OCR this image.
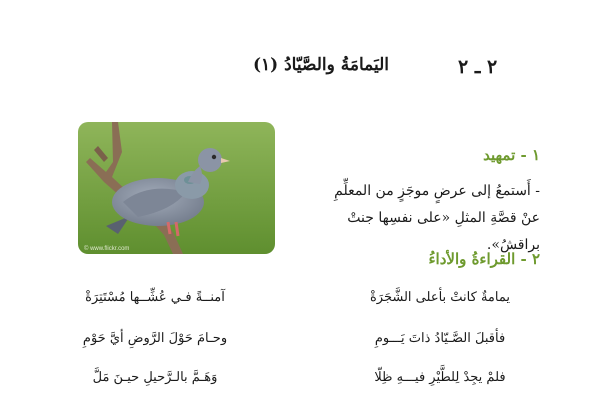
٢ ـ ٢
اليَمامَةُ والصَّيّادُ (١)
© www.flickr.com
١ - تمهيد
- أَستمعُ إلى عرضٍ موجَزٍ من المعلِّمِ عنْ قصَّةِ المثلِ «على نفسِها جنتْ براقشُ».
٢ - القراءةُ والأداءُ
يمامةٌ كانتْ بأعلى الشَّجَرَةْ
آمنــةً فـي عُشِّــها مُسْتَتِرَةْ
فأقبلَ الصَّـيّادُ ذاتَ يَـــومِ
وحـامَ حَوْلَ الرَّوضِ أيَّ حَوْمِ
فلمْ يجِدْ لِلطَّيْرِ فيـــهِ ظِلّا
وَهَـمَّ بالـرَّحيلِ حيـنَ مَلَّ
